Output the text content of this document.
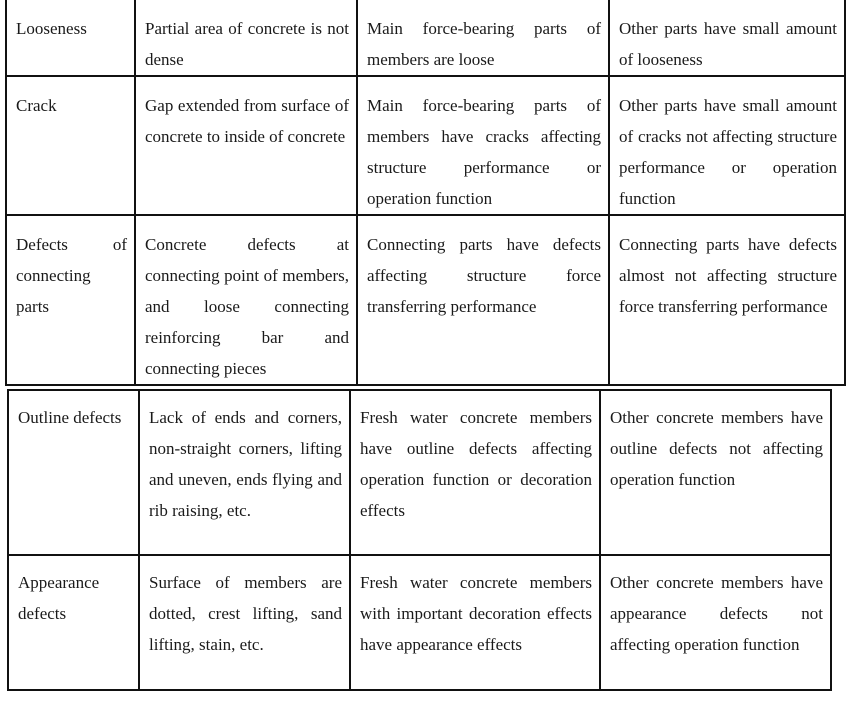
Looseness	Partial area of concrete is not dense	Main force-bearing parts of members are loose	Other parts have small amount of looseness
Crack	Gap extended from surface of concrete to inside of concrete	Main force-bearing parts of members have cracks affecting structure performance or operation function	Other parts have small amount of cracks not affecting structure performance or operation function
Defects of connecting parts	Concrete defects at connecting point of members, and loose connecting reinforcing bar and connecting pieces	Connecting parts have defects affecting structure force transferring performance	Connecting parts have defects almost not affecting structure force transferring performance
Outline defects	Lack of ends and corners, non-straight corners, lifting and uneven, ends flying and rib raising, etc.	Fresh water concrete members have outline defects affecting operation function or decoration effects	Other concrete members have outline defects not affecting operation function
Appearance defects	Surface of members are dotted, crest lifting, sand lifting, stain, etc.	Fresh water concrete members with important decoration effects have appearance effects	Other concrete members have appearance defects not affecting operation function
